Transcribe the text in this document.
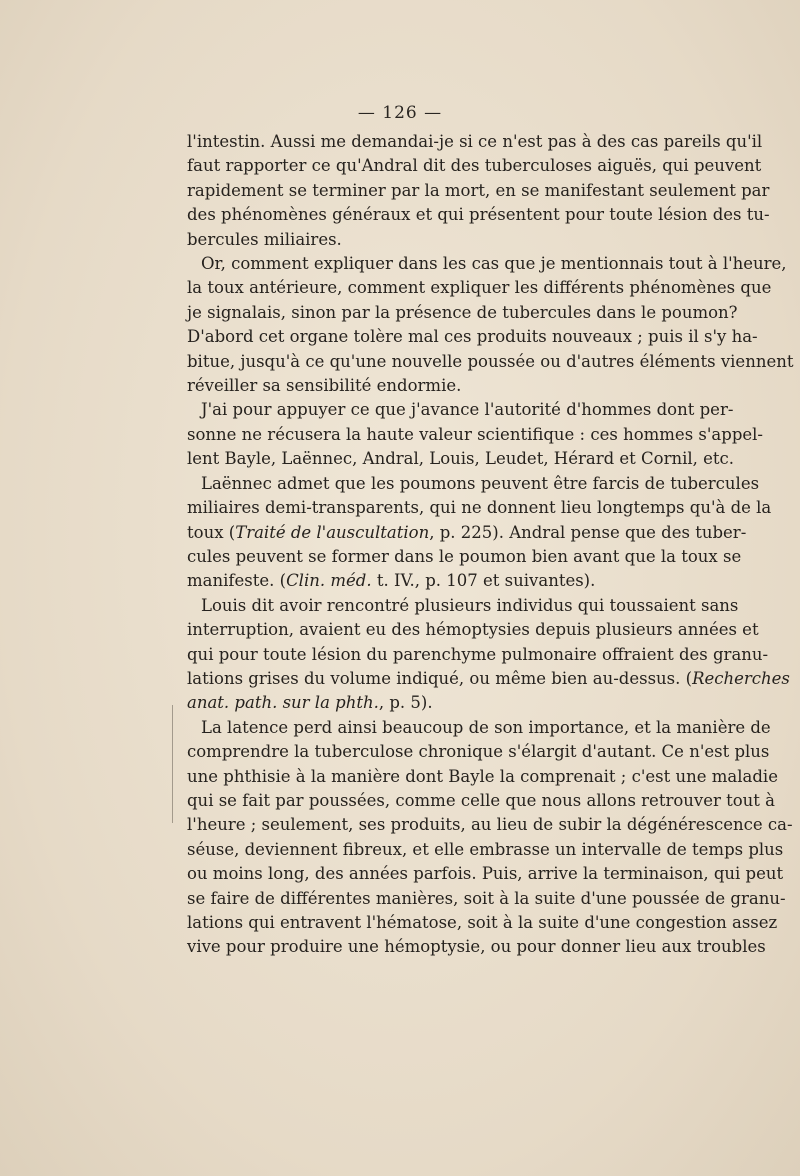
— 126 —
l'intestin. Aussi me demandai-je si ce n'est pas à des cas pareils qu'il
faut rapporter ce qu'Andral dit des tuberculoses aiguës, qui peuvent
rapidement se terminer par la mort, en se manifestant seulement par
des phénomènes généraux et qui présentent pour toute lésion des tu-
bercules miliaires.
Or, comment expliquer dans les cas que je mentionnais tout à l'heure,
la toux antérieure, comment expliquer les différents phénomènes que
je signalais, sinon par la présence de tubercules dans le poumon?
D'abord cet organe tolère mal ces produits nouveaux ; puis il s'y ha-
bitue, jusqu'à ce qu'une nouvelle poussée ou d'autres éléments viennent
réveiller sa sensibilité endormie.
J'ai pour appuyer ce que j'avance l'autorité d'hommes dont per-
sonne ne récusera la haute valeur scientifique : ces hommes s'appel-
lent Bayle, Laënnec, Andral, Louis, Leudet, Hérard et Cornil, etc.
Laënnec admet que les poumons peuvent être farcis de tubercules
miliaires demi-transparents, qui ne donnent lieu longtemps qu'à de la
toux (Traité de l'auscultation, p. 225). Andral pense que des tuber-
cules peuvent se former dans le poumon bien avant que la toux se
manifeste. (Clin. méd. t. IV., p. 107 et suivantes).
Louis dit avoir rencontré plusieurs individus qui toussaient sans
interruption, avaient eu des hémoptysies depuis plusieurs années et
qui pour toute lésion du parenchyme pulmonaire offraient des granu-
lations grises du volume indiqué, ou même bien au-dessus. (Recherches
anat. path. sur la phth., p. 5).
La latence perd ainsi beaucoup de son importance, et la manière de
comprendre la tuberculose chronique s'élargit d'autant. Ce n'est plus
une phthisie à la manière dont Bayle la comprenait ; c'est une maladie
qui se fait par poussées, comme celle que nous allons retrouver tout à
l'heure ; seulement, ses produits, au lieu de subir la dégénérescence ca-
séuse, deviennent fibreux, et elle embrasse un intervalle de temps plus
ou moins long, des années parfois. Puis, arrive la terminaison, qui peut
se faire de différentes manières, soit à la suite d'une poussée de granu-
lations qui entravent l'hématose, soit à la suite d'une congestion assez
vive pour produire une hémoptysie, ou pour donner lieu aux troubles
